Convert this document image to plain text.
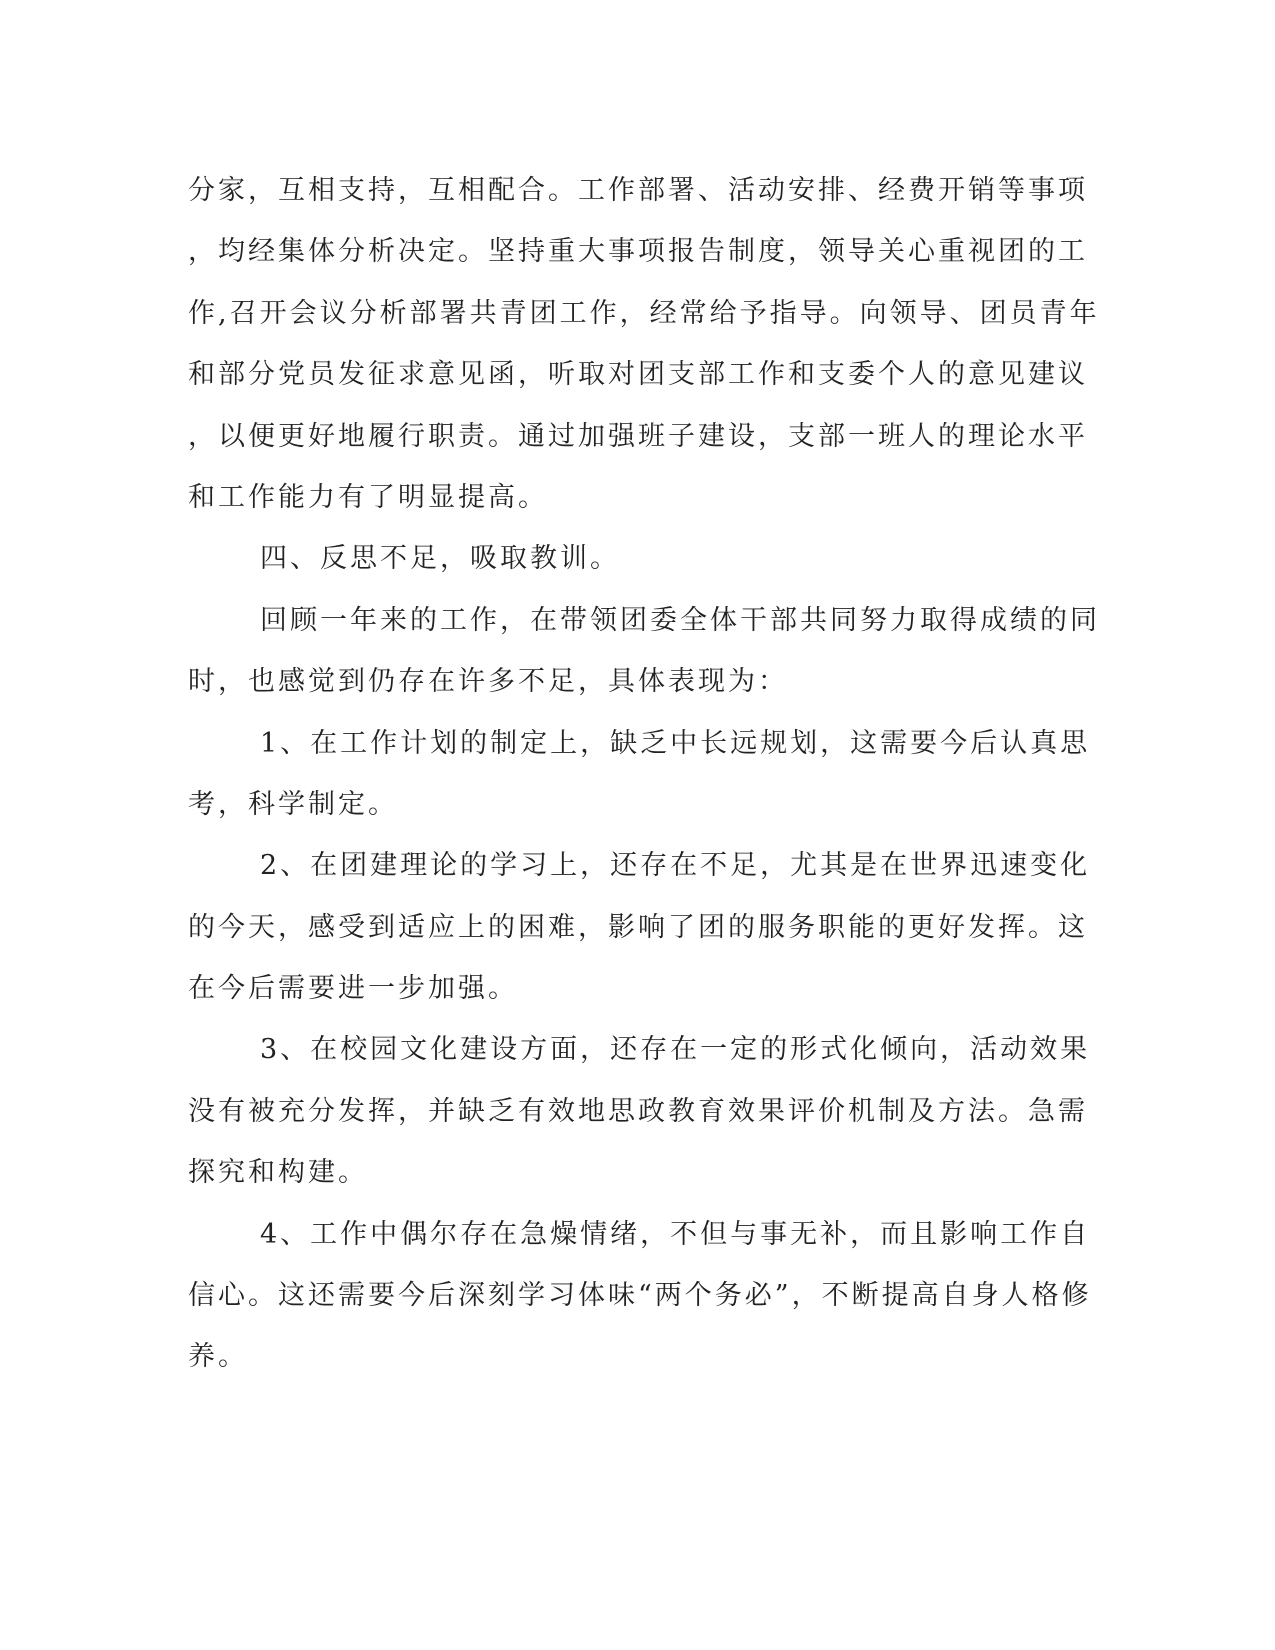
分家，互相支持，互相配合。工作部署、活动安排、经费开销等事项
，均经集体分析决定。坚持重大事项报告制度，领导关心重视团的工
作,召开会议分析部署共青团工作，经常给予指导。向领导、团员青年
和部分党员发征求意见函，听取对团支部工作和支委个人的意见建议
，以便更好地履行职责。通过加强班子建设，支部一班人的理论水平
和工作能力有了明显提高。
四、反思不足，吸取教训。
回顾一年来的工作，在带领团委全体干部共同努力取得成绩的同
时，也感觉到仍存在许多不足，具体表现为：
1、在工作计划的制定上，缺乏中长远规划，这需要今后认真思
考，科学制定。
2、在团建理论的学习上，还存在不足，尤其是在世界迅速变化
的今天，感受到适应上的困难，影响了团的服务职能的更好发挥。这
在今后需要进一步加强。
3、在校园文化建设方面，还存在一定的形式化倾向，活动效果
没有被充分发挥，并缺乏有效地思政教育效果评价机制及方法。急需
探究和构建。
4、工作中偶尔存在急燥情绪，不但与事无补，而且影响工作自
信心。这还需要今后深刻学习体味“两个务必”，不断提高自身人格修
养。
